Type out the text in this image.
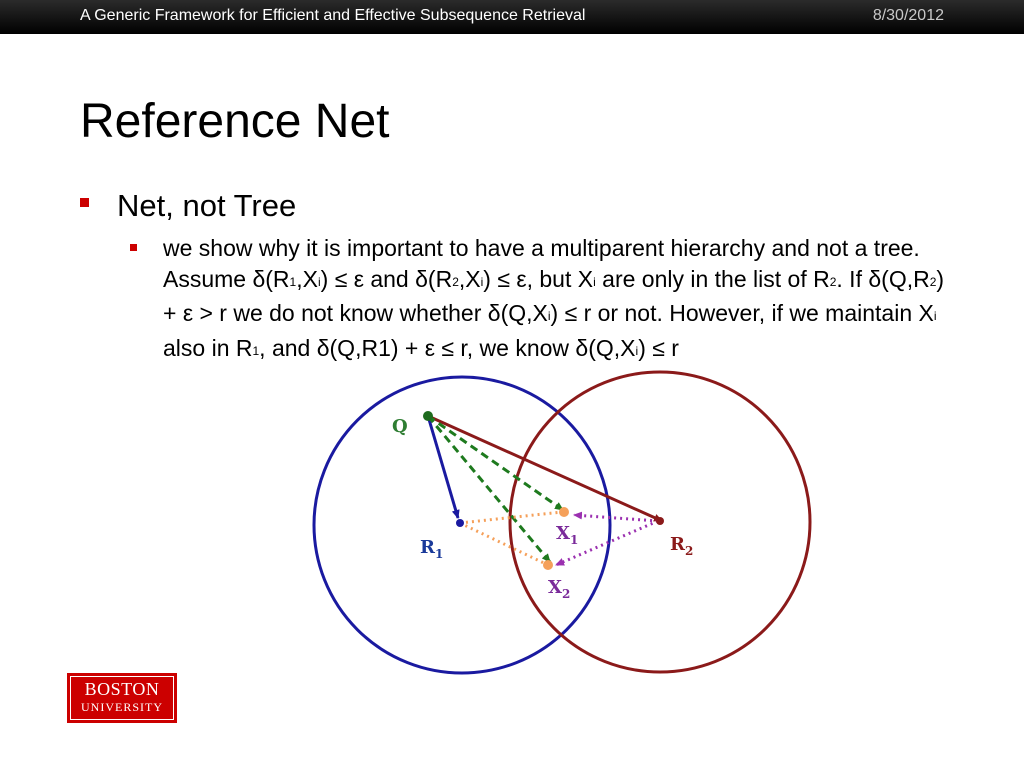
A Generic Framework for Efficient and Effective Subsequence Retrieval	8/30/2012
Reference Net
Net, not Tree
we show why it is important to have a multiparent hierarchy and not a tree. Assume $\delta(R_1,X_i) \le \varepsilon$ and $\delta(R_2,X_i) \le \varepsilon$, but $X_i$ are only in the list of $R_2$. If $\delta(Q,R_2) + \varepsilon > r$ we do not know whether $\delta(Q,X_i) \le r$ or not. However, if we maintain $X_i$ also in $R_1$, and δ(Q,R1) + ε ≤ r, we know $\delta(Q,X_i) \le r$
Q
$R_1$	$R_2$
$X_1$
$X_2$
BOSTON
UNIVERSITY
